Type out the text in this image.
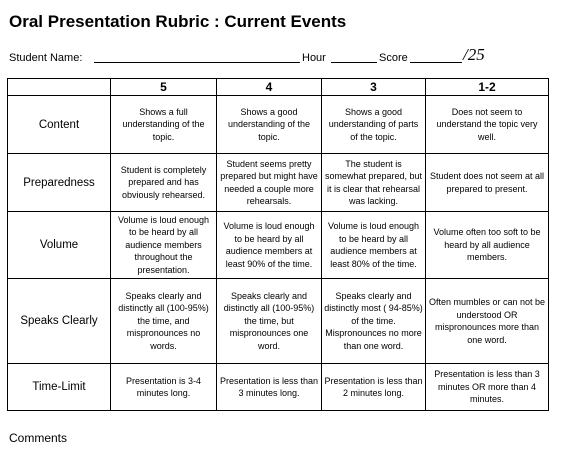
Oral Presentation Rubric : Current Events
Student Name:	Hour	Score	/25
	5	4	3	1-2
Content	Shows a full understanding of the topic.	Shows a good understanding of the topic.	Shows a good understanding of parts of the topic.	Does not seem to understand the topic very well.
Preparedness	Student is completely prepared and has obviously rehearsed.	Student seems pretty prepared but might have needed a couple more rehearsals.	The student is somewhat prepared, but it is clear that rehearsal was lacking.	Student does not seem at all prepared to present.
Volume	Volume is loud enough to be heard by all audience members throughout the presentation.	Volume is loud enough to be heard by all audience members at least 90% of the time.	Volume is loud enough to be heard by all audience members at least 80% of the time.	Volume often too soft to be heard by all audience members.
Speaks Clearly	Speaks clearly and distinctly all (100-95%) the time, and mispronounces no words.	Speaks clearly and distinctly all (100-95%) the time, but mispronounces one word.	Speaks clearly and distinctly most ( 94-85%) of the time. Mispronounces no more than one word.	Often mumbles or can not be understood OR mispronounces more than one word.
Time-Limit	Presentation is 3-4 minutes long.	Presentation is less than 3 minutes long.	Presentation is less than 2 minutes long.	Presentation is less than 3 minutes OR more than 4 minutes.
Comments
